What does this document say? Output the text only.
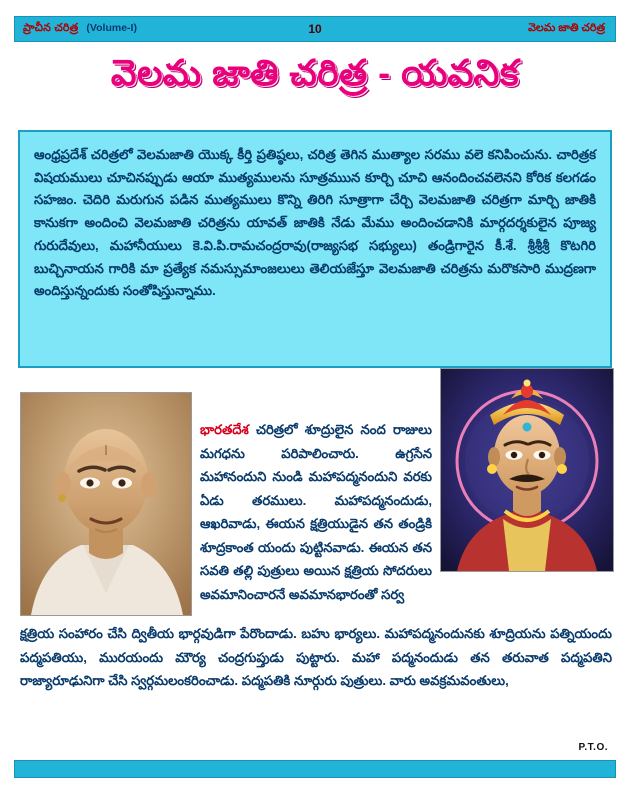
ప్రాచీన చరిత్ర (Volume-I)	10	వెలమ జాతి చరిత్ర
వెలమ జాతి చరిత్ర - యవనిక
ఆంధ్రప్రదేశ్ చరిత్రలో వెలమజాతి యొక్క కీర్తి ప్రతిష్ఠలు, చరిత్ర తెగిన ముత్యాల సరము వలె కనిపించును. చారిత్రక విషయములు చూచినప్పుడు ఆయా ముత్యములను సూత్రముున కూర్చి చూచి ఆనందించవలెనని కోరిక కలగడం సహజం. చెదిరి మరుగున పడిన ముత్యములు కొన్ని తిరిగి సూత్రాగా చేర్చి వెలమజాతి చరిత్రగా మార్చి జాతికి కానుకగా అందించి వెలమజాతి చరిత్రను యావత్ జాతికి నేడు మేము అందించడానికి మార్గదర్శకులైన పూజ్య గురుదేవులు, మహానీయులు కె.వి.పి.రామచంద్రరావు(రాజ్యసభ సభ్యులు) తండ్రిగారైన కీ.శే. శ్రీశ్రీశ్రీ కొటగిరి బుచ్చినాయన గారికి మా ప్రత్యేక నమస్సుమాంజలులు తెలియజేస్తూ వెలమజాతి చరిత్రను మరొకసారి ముద్రణగా అందిస్తున్నందుకు సంతోషిస్తున్నాము.
భారతదేశ చరిత్రలో శూద్రులైన నంద రాజులు మగధను పరిపాలించారు. ఉగ్రసేన మహానందుని నుండి మహాపద్మనందుని వరకు ఏడు తరములు. మహాపద్మనందుడు, ఆఖరివాడు, ఈయన క్షత్రియుడైన తన తండ్రికి శూద్రకాంత యందు పుట్టినవాడు. ఈయన తన సవతి తల్లి పుత్రులు అయిన క్షత్రియ సోదరులు అవమానించారనే అవమానభారంతో సర్వ
క్షత్రియ సంహారం చేసి ద్వితీయ భార్గవుడిగా పేరొందాడు. బహు భార్యలు. మహాపద్మనందునకు శూద్రియను పత్నియందు పద్మపతియు, మురయందు మౌర్య చంద్రగుప్తుడు పుట్టారు. మహా పద్మనందుడు తన తరువాత పద్మపతిని రాజ్యారూఢునిగా చేసి స్వర్గమలంకరించాడు. పద్మపతికి నూర్గురు పుత్రులు. వారు అవక్రమవంతులు,
P.T.O.
